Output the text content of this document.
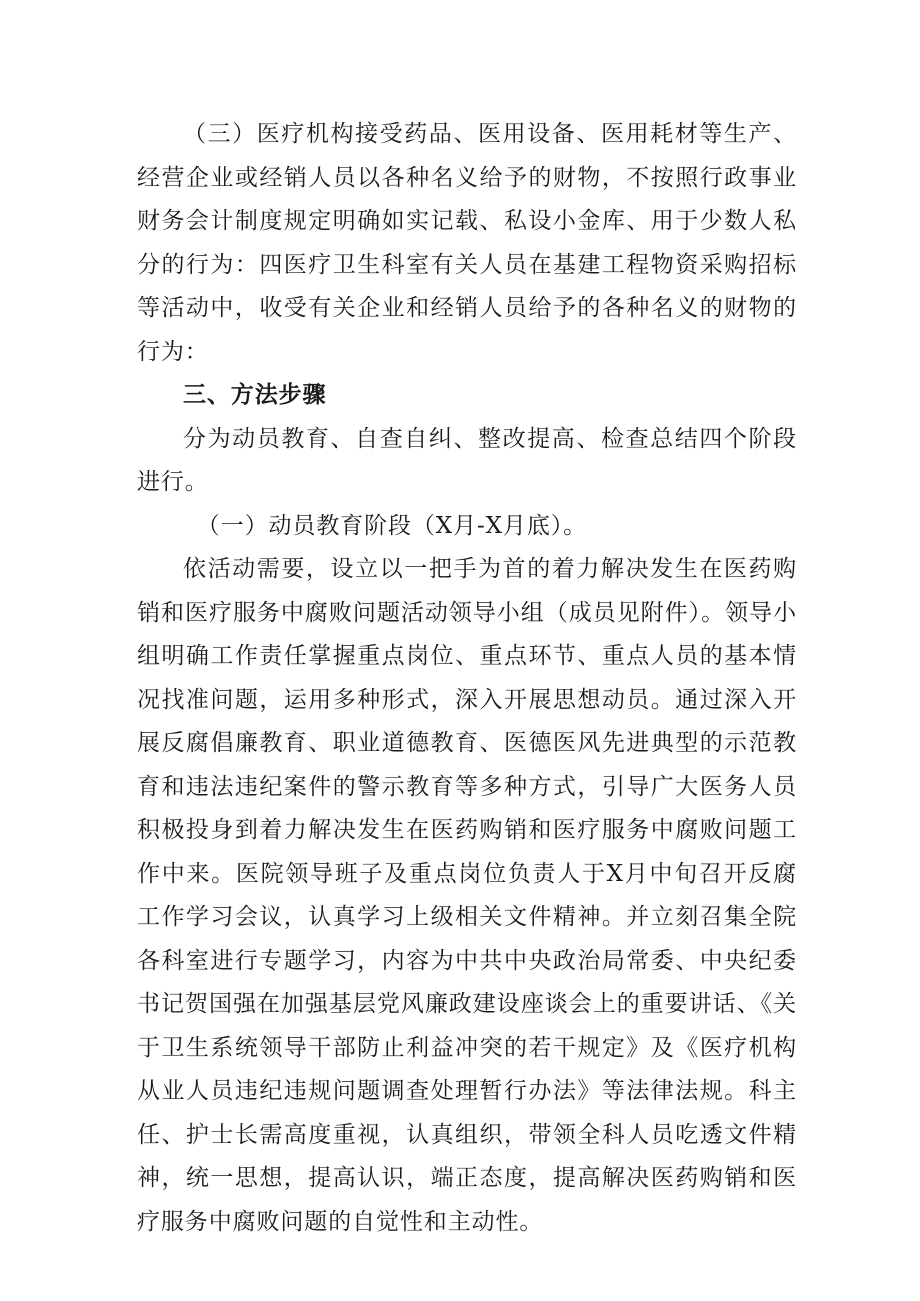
（三）医疗机构接受药品、医用设备、医用耗材等生产、经营企业或经销人员以各种名义给予的财物，不按照行政事业财务会计制度规定明确如实记载、私设小金库、用于少数人私分的行为：四医疗卫生科室有关人员在基建工程物资采购招标等活动中，收受有关企业和经销人员给予的各种名义的财物的行为：

三、方法步骤

分为动员教育、自查自纠、整改提高、检查总结四个阶段进行。

（一）动员教育阶段（X月-X月底）。

依活动需要，设立以一把手为首的着力解决发生在医药购销和医疗服务中腐败问题活动领导小组（成员见附件）。领导小组明确工作责任掌握重点岗位、重点环节、重点人员的基本情况找准问题，运用多种形式，深入开展思想动员。通过深入开展反腐倡廉教育、职业道德教育、医德医风先进典型的示范教育和违法违纪案件的警示教育等多种方式，引导广大医务人员积极投身到着力解决发生在医药购销和医疗服务中腐败问题工作中来。医院领导班子及重点岗位负责人于X月中旬召开反腐工作学习会议，认真学习上级相关文件精神。并立刻召集全院各科室进行专题学习，内容为中共中央政治局常委、中央纪委书记贺国强在加强基层党风廉政建设座谈会上的重要讲话、《关于卫生系统领导干部防止利益冲突的若干规定》及《医疗机构从业人员违纪违规问题调查处理暂行办法》等法律法规。科主任、护士长需高度重视，认真组织，带领全科人员吃透文件精神，统一思想，提高认识，端正态度，提高解决医药购销和医疗服务中腐败问题的自觉性和主动性。
